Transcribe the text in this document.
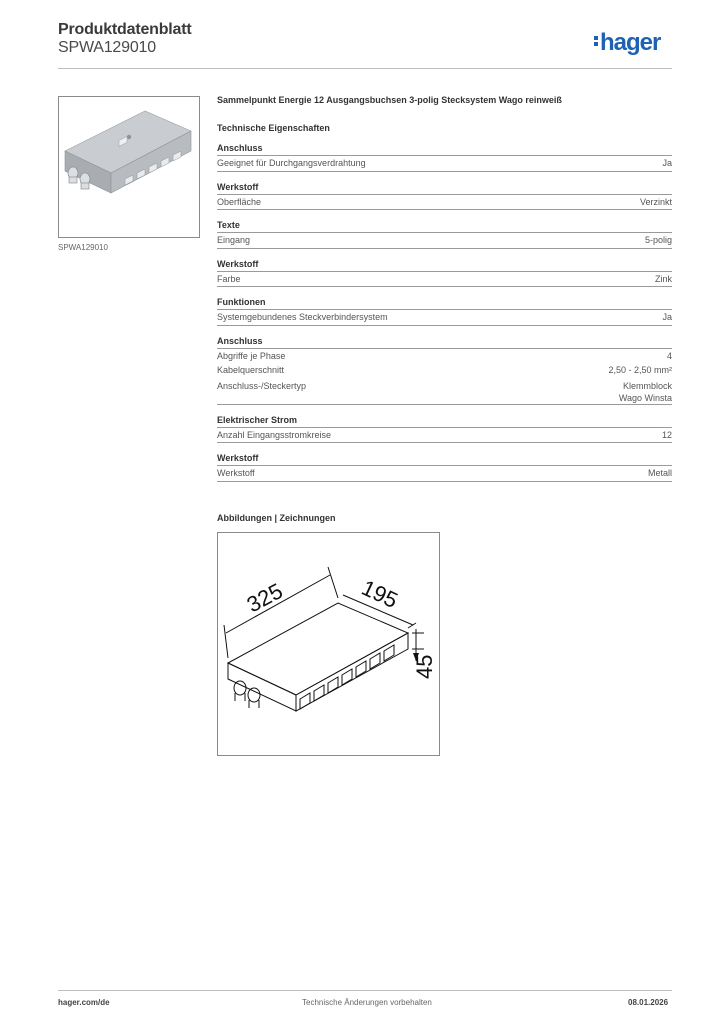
Produktdatenblatt
SPWA129010	hager
SPWA129010
Sammelpunkt Energie 12 Ausgangsbuchsen 3-polig Stecksystem Wago reinweiß
Technische Eigenschaften
Anschluss
Geeignet für Durchgangsverdrahtung	Ja
Werkstoff
Oberfläche	Verzinkt
Texte
Eingang	5-polig
Werkstoff
Farbe	Zink
Funktionen
Systemgebundenes Steckverbindersystem	Ja
Anschluss
Abgriffe je Phase	4
Kabelquerschnitt	2,50 - 2,50 mm²
Anschluss-/Steckertyp	Klemmblock
Wago Winsta
Elektrischer Strom
Anzahl Eingangsstromkreise	12
Werkstoff
Werkstoff	Metall
Abbildungen | Zeichnungen
325	195
45
hager.com/de	Technische Änderungen vorbehalten	08.01.2026
